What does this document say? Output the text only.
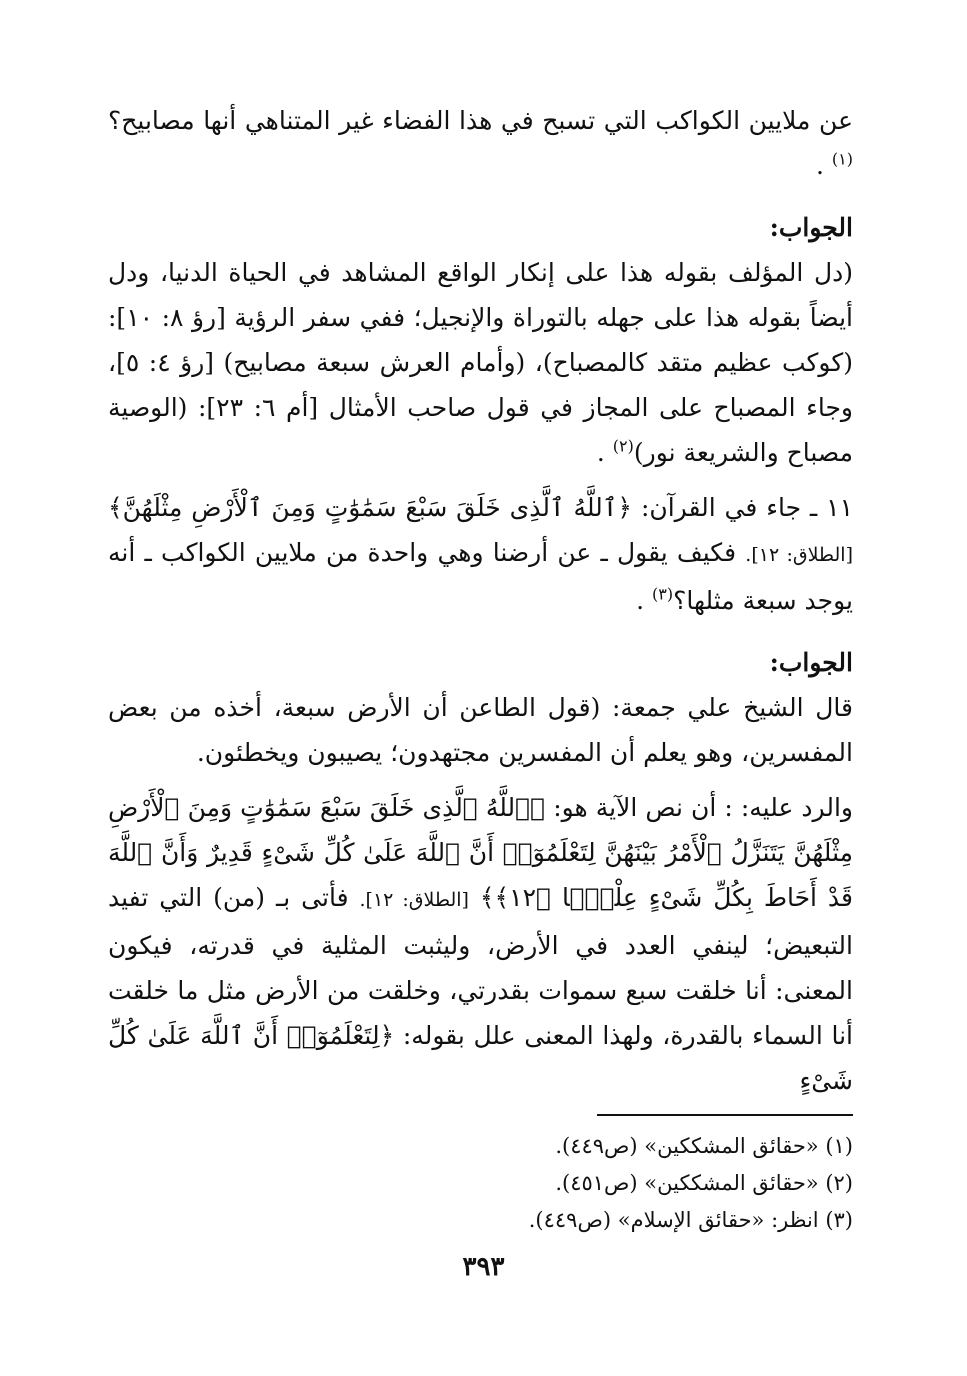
عن ملايين الكواكب التي تسبح في هذا الفضاء غير المتناهي أنها مصابيح؟$^{(١)}$ .

الجواب:

(دل المؤلف بقوله هذا على إنكار الواقع المشاهد في الحياة الدنيا، ودل أيضاً بقوله هذا على جهله بالتوراة والإنجيل؛ ففي سفر الرؤية [رؤ ٨: ١٠]: (كوكب عظيم متقد كالمصباح)، (وأمام العرش سبعة مصابيح) [رؤ ٤: ٥]، وجاء المصباح على المجاز في قول صاحب الأمثال [أم ٦: ٢٣]: (الوصية مصباح والشريعة نور)$^{(٢)}$ .

١١ ـ جاء في القرآن: ﴿ٱللَّهُ ٱلَّذِى خَلَقَ سَبْعَ سَمَٰوَٰتٍ وَمِنَ ٱلْأَرْضِ مِثْلَهُنَّ﴾ [الطلاق: ١٢]. فكيف يقول ـ عن أرضنا وهي واحدة من ملايين الكواكب ـ أنه يوجد سبعة مثلها؟$^{(٣)}$ .

الجواب:

قال الشيخ علي جمعة: (قول الطاعن أن الأرض سبعة، أخذه من بعض المفسرين، وهو يعلم أن المفسرين مجتهدون؛ يصيبون ويخطئون.

والرد عليه: : أن نص الآية هو: ﴿ٱللَّهُ ٱلَّذِى خَلَقَ سَبْعَ سَمَٰوَٰتٍ وَمِنَ ٱلْأَرْضِ مِثْلَهُنَّ يَتَنَزَّلُ ٱلْأَمْرُ بَيْنَهُنَّ لِتَعْلَمُوٓا۟ أَنَّ ٱللَّهَ عَلَىٰ كُلِّ شَىْءٍ قَدِيرٌ وَأَنَّ ٱللَّهَ قَدْ أَحَاطَ بِكُلِّ شَىْءٍ عِلْمًۢا ﴿١٢﴾﴾ [الطلاق: ١٢]. فأتى بـ (من) التي تفيد التبعيض؛ لينفي العدد في الأرض، وليثبت المثلية في قدرته، فيكون المعنى: أنا خلقت سبع سموات بقدرتي، وخلقت من الأرض مثل ما خلقت أنا السماء بالقدرة، ولهذا المعنى علل بقوله: ﴿لِتَعْلَمُوٓا۟ أَنَّ ٱللَّهَ عَلَىٰ كُلِّ شَىْءٍ

(١) «حقائق المشككين» (ص٤٤٩).

(٢) «حقائق المشككين» (ص٤٥١).

(٣) انظر: «حقائق الإسلام» (ص٤٤٩).

٣٩٣
